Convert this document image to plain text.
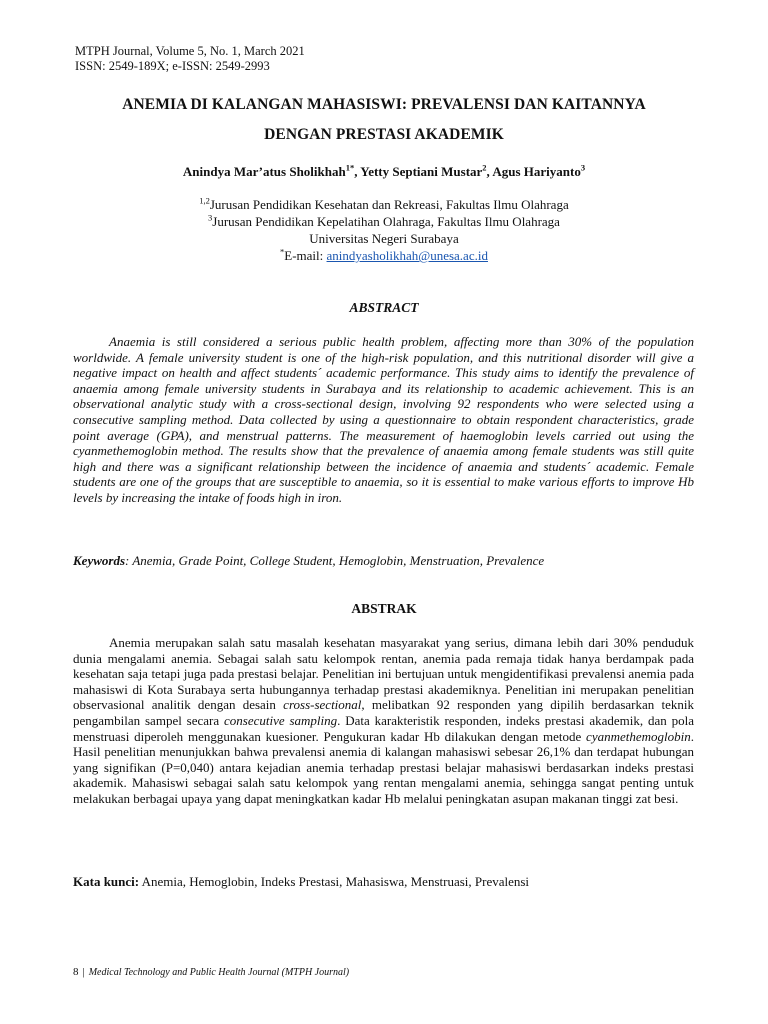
MTPH Journal, Volume 5, No. 1, March 2021
ISSN: 2549-189X; e-ISSN: 2549-2993
ANEMIA DI KALANGAN MAHASISWI: PREVALENSI DAN KAITANNYA
DENGAN PRESTASI AKADEMIK
Anindya Mar’atus Sholikhah$^{1*}$, Yetty Septiani Mustar$^2$, Agus Hariyanto$^3$
$^{1,2}$Jurusan Pendidikan Kesehatan dan Rekreasi, Fakultas Ilmu Olahraga
$^3$Jurusan Pendidikan Kepelatihan Olahraga, Fakultas Ilmu Olahraga
Universitas Negeri Surabaya
*E-mail: anindyasholikhah@unesa.ac.id
ABSTRACT

Anaemia is still considered a serious public health problem, affecting more than 30% of the population worldwide. A female university student is one of the high-risk population, and this nutritional disorder will give a negative impact on health and affect students´ academic performance. This study aims to identify the prevalence of anaemia among female university students in Surabaya and its relationship to academic achievement. This is an observational analytic study with a cross-sectional design, involving 92 respondents who were selected using a consecutive sampling method. Data collected by using a questionnaire to obtain respondent characteristics, grade point average (GPA), and menstrual patterns. The measurement of haemoglobin levels carried out using the cyanmethemoglobin method. The results show that the prevalence of anaemia among female students was still quite high and there was a significant relationship between the incidence of anaemia and students´ academic. Female students are one of the groups that are susceptible to anaemia, so it is essential to make various efforts to improve Hb levels by increasing the intake of foods high in iron.

Keywords: Anemia, Grade Point, College Student, Hemoglobin, Menstruation, Prevalence
ABSTRAK

Anemia merupakan salah satu masalah kesehatan masyarakat yang serius, dimana lebih dari 30% penduduk dunia mengalami anemia. Sebagai salah satu kelompok rentan, anemia pada remaja tidak hanya berdampak pada kesehatan saja tetapi juga pada prestasi belajar. Penelitian ini bertujuan untuk mengidentifikasi prevalensi anemia pada mahasiswi di Kota Surabaya serta hubungannya terhadap prestasi akademiknya. Penelitian ini merupakan penelitian observasional analitik dengan desain cross-sectional, melibatkan 92 responden yang dipilih berdasarkan teknik pengambilan sampel secara consecutive sampling. Data karakteristik responden, indeks prestasi akademik, dan pola menstruasi diperoleh menggunakan kuesioner. Pengukuran kadar Hb dilakukan dengan metode cyanmethemoglobin. Hasil penelitian menunjukkan bahwa prevalensi anemia di kalangan mahasiswi sebesar 26,1% dan terdapat hubungan yang signifikan (P=0,040) antara kejadian anemia terhadap prestasi belajar mahasiswi berdasarkan indeks prestasi akademik. Mahasiswi sebagai salah satu kelompok yang rentan mengalami anemia, sehingga sangat penting untuk melakukan berbagai upaya yang dapat meningkatkan kadar Hb melalui peningkatan asupan makanan tinggi zat besi.

Kata kunci: Anemia, Hemoglobin, Indeks Prestasi, Mahasiswa, Menstruasi, Prevalensi
8 | Medical Technology and Public Health Journal (MTPH Journal)
